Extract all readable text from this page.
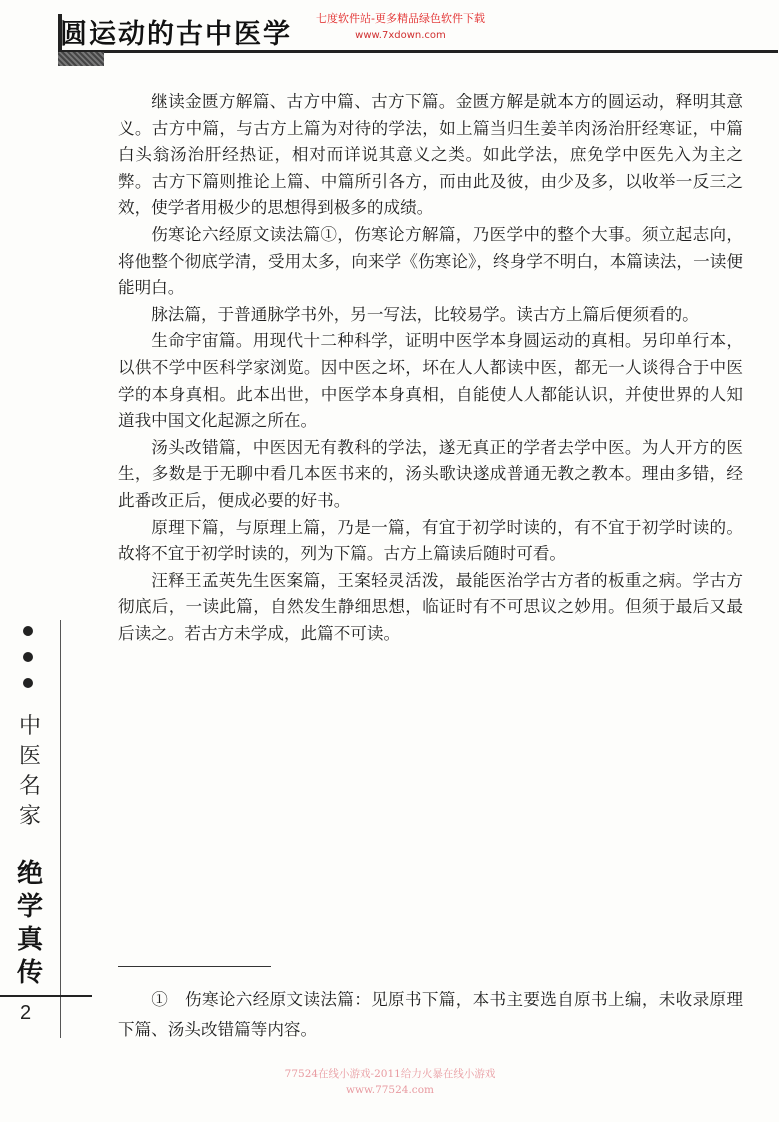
圆运动的古中医学
七度软件站-更多精品绿色软件下载
www.7xdown.com

继读金匮方解篇、古方中篇、古方下篇。金匮方解是就本方的圆运动，释明其意义。古方中篇，与古方上篇为对待的学法，如上篇当归生姜羊肉汤治肝经寒证，中篇白头翁汤治肝经热证，相对而详说其意义之类。如此学法，庶免学中医先入为主之弊。古方下篇则推论上篇、中篇所引各方，而由此及彼，由少及多，以收举一反三之效，使学者用极少的思想得到极多的成绩。

伤寒论六经原文读法篇①，伤寒论方解篇，乃医学中的整个大事。须立起志向，将他整个彻底学清，受用太多，向来学《伤寒论》，终身学不明白，本篇读法，一读便能明白。

脉法篇，于普通脉学书外，另一写法，比较易学。读古方上篇后便须看的。

生命宇宙篇。用现代十二种科学，证明中医学本身圆运动的真相。另印单行本，以供不学中医科学家浏览。因中医之坏，坏在人人都读中医，都无一人谈得合于中医学的本身真相。此本出世，中医学本身真相，自能使人人都能认识，并使世界的人知道我中国文化起源之所在。

汤头改错篇，中医因无有教科的学法，遂无真正的学者去学中医。为人开方的医生，多数是于无聊中看几本医书来的，汤头歌诀遂成普通无教之教本。理由多错，经此番改正后，便成必要的好书。

原理下篇，与原理上篇，乃是一篇，有宜于初学时读的，有不宜于初学时读的。故将不宜于初学时读的，列为下篇。古方上篇读后随时可看。

汪释王孟英先生医案篇，王案轻灵活泼，最能医治学古方者的板重之病。学古方彻底后，一读此篇，自然发生静细思想，临证时有不可思议之妙用。但须于最后又最后读之。若古方未学成，此篇不可读。

中医名家
绝学真传
2

①　伤寒论六经原文读法篇：见原书下篇，本书主要选自原书上编，未收录原理下篇、汤头改错篇等内容。

77524在线小游戏-2011给力火暴在线小游戏
www.77524.com
